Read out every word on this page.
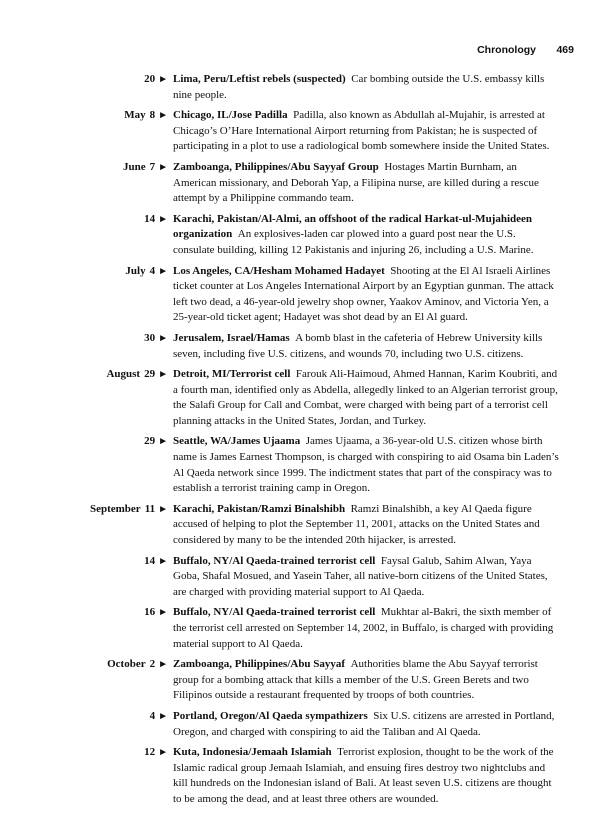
Chronology 469
20 ► Lima, Peru/Leftist rebels (suspected) Car bombing outside the U.S. embassy kills nine people.
May 8 ► Chicago, IL/Jose Padilla Padilla, also known as Abdullah al-Mujahir, is arrested at Chicago’s O’Hare International Airport returning from Pakistan; he is suspected of participating in a plot to use a radiological bomb somewhere inside the United States.
June 7 ► Zamboanga, Philippines/Abu Sayyaf Group Hostages Martin Burnham, an American missionary, and Deborah Yap, a Filipina nurse, are killed during a rescue attempt by a Philippine commando team.
14 ► Karachi, Pakistan/Al-Almi, an offshoot of the radical Harkat-ul-Mujahideen organization An explosives-laden car plowed into a guard post near the U.S. consulate building, killing 12 Pakistanis and injuring 26, including a U.S. Marine.
July 4 ► Los Angeles, CA/Hesham Mohamed Hadayet Shooting at the El Al Israeli Airlines ticket counter at Los Angeles International Airport by an Egyptian gunman. The attack left two dead, a 46-year-old jewelry shop owner, Yaakov Aminov, and Victoria Yen, a 25-year-old ticket agent; Hadayet was shot dead by an El Al guard.
30 ► Jerusalem, Israel/Hamas A bomb blast in the cafeteria of Hebrew University kills seven, including five U.S. citizens, and wounds 70, including two U.S. citizens.
August 29 ► Detroit, MI/Terrorist cell Farouk Ali-Haimoud, Ahmed Hannan, Karim Koubriti, and a fourth man, identified only as Abdella, allegedly linked to an Algerian terrorist group, the Salafi Group for Call and Combat, were charged with being part of a terrorist cell planning attacks in the United States, Jordan, and Turkey.
29 ► Seattle, WA/James Ujaama James Ujaama, a 36-year-old U.S. citizen whose birth name is James Earnest Thompson, is charged with conspiring to aid Osama bin Laden’s Al Qaeda network since 1999. The indictment states that part of the conspiracy was to establish a terrorist training camp in Oregon.
September 11 ► Karachi, Pakistan/Ramzi Binalshibh Ramzi Binalshibh, a key Al Qaeda figure accused of helping to plot the September 11, 2001, attacks on the United States and considered by many to be the intended 20th hijacker, is arrested.
14 ► Buffalo, NY/Al Qaeda-trained terrorist cell Faysal Galub, Sahim Alwan, Yaya Goba, Shafal Mosued, and Yasein Taher, all native-born citizens of the United States, are charged with providing material support to Al Qaeda.
16 ► Buffalo, NY/Al Qaeda-trained terrorist cell Mukhtar al-Bakri, the sixth member of the terrorist cell arrested on September 14, 2002, in Buffalo, is charged with providing material support to Al Qaeda.
October 2 ► Zamboanga, Philippines/Abu Sayyaf Authorities blame the Abu Sayyaf terrorist group for a bombing attack that kills a member of the U.S. Green Berets and two Filipinos outside a restaurant frequented by troops of both countries.
4 ► Portland, Oregon/Al Qaeda sympathizers Six U.S. citizens are arrested in Portland, Oregon, and charged with conspiring to aid the Taliban and Al Qaeda.
12 ► Kuta, Indonesia/Jemaah Islamiah Terrorist explosion, thought to be the work of the Islamic radical group Jemaah Islamiah, and ensuing fires destroy two nightclubs and kill hundreds on the Indonesian island of Bali. At least seven U.S. citizens are thought to be among the dead, and at least three others are wounded.
